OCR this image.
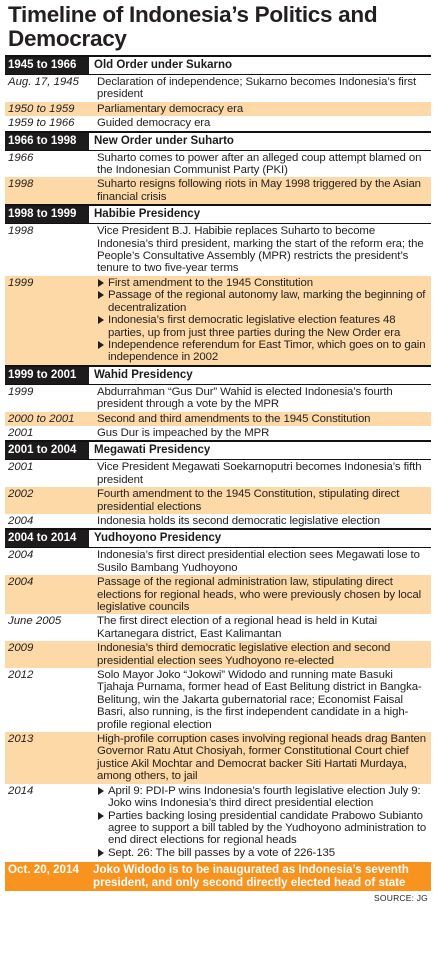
Timeline of Indonesia’s Politics and
Democracy
1945 to 1966	Old Order under Sukarno
Aug. 17, 1945	Declaration of independence; Sukarno becomes Indonesia’s first president
1950 to 1959	Parliamentary democracy era
1959 to 1966	Guided democracy era
1966 to 1998	New Order under Suharto
1966	Suharto comes to power after an alleged coup attempt blamed on the Indonesian Communist Party (PKI)
1998	Suharto resigns following riots in May 1998 triggered by the Asian financial crisis
1998 to 1999	Habibie Presidency
1998	Vice President B.J. Habibie replaces Suharto to become Indonesia’s third president, marking the start of the reform era; the People’s Consultative Assembly (MPR) restricts the president’s tenure to two five-year terms
1999	First amendment to the 1945 Constitution
Passage of the regional autonomy law, marking the beginning of decentralization
Indonesia’s first democratic legislative election features 48 parties, up from just three parties during the New Order era
Independence referendum for East Timor, which goes on to gain independence in 2002
1999 to 2001	Wahid Presidency
1999	Abdurrahman “Gus Dur” Wahid is elected Indonesia’s fourth president through a vote by the MPR
2000 to 2001	Second and third amendments to the 1945 Constitution
2001	Gus Dur is impeached by the MPR
2001 to 2004	Megawati Presidency
2001	Vice President Megawati Soekarnoputri becomes Indonesia’s fifth president
2002	Fourth amendment to the 1945 Constitution, stipulating direct presidential elections
2004	Indonesia holds its second democratic legislative election
2004 to 2014	Yudhoyono Presidency
2004	Indonesia’s first direct presidential election sees Megawati lose to Susilo Bambang Yudhoyono
2004	Passage of the regional administration law, stipulating direct elections for regional heads, who were previously chosen by local legislative councils
June 2005	The first direct election of a regional head is held in Kutai Kartanegara district, East Kalimantan
2009	Indonesia’s third democratic legislative election and second presidential election sees Yudhoyono re-elected
2012	Solo Mayor Joko “Jokowi” Widodo and running mate Basuki Tjahaja Purnama, former head of East Belitung district in Bangka-Belitung, win the Jakarta gubernatorial race; Economist Faisal Basri, also running, is the first independent candidate in a high-profile regional election
2013	High-profile corruption cases involving regional heads drag Banten Governor Ratu Atut Chosiyah, former Constitutional Court chief justice Akil Mochtar and Democrat backer Siti Hartati Murdaya, among others, to jail
2014	April 9: PDI-P wins Indonesia’s fourth legislative election July 9: Joko wins Indonesia’s third direct presidential election
Parties backing losing presidential candidate Prabowo Subianto agree to support a bill tabled by the Yudhoyono administration to end direct elections for regional heads
Sept. 26: The bill passes by a vote of 226-135
Oct. 20, 2014	Joko Widodo is to be inaugurated as Indonesia’s seventh president, and only second directly elected head of state
SOURCE: JG
